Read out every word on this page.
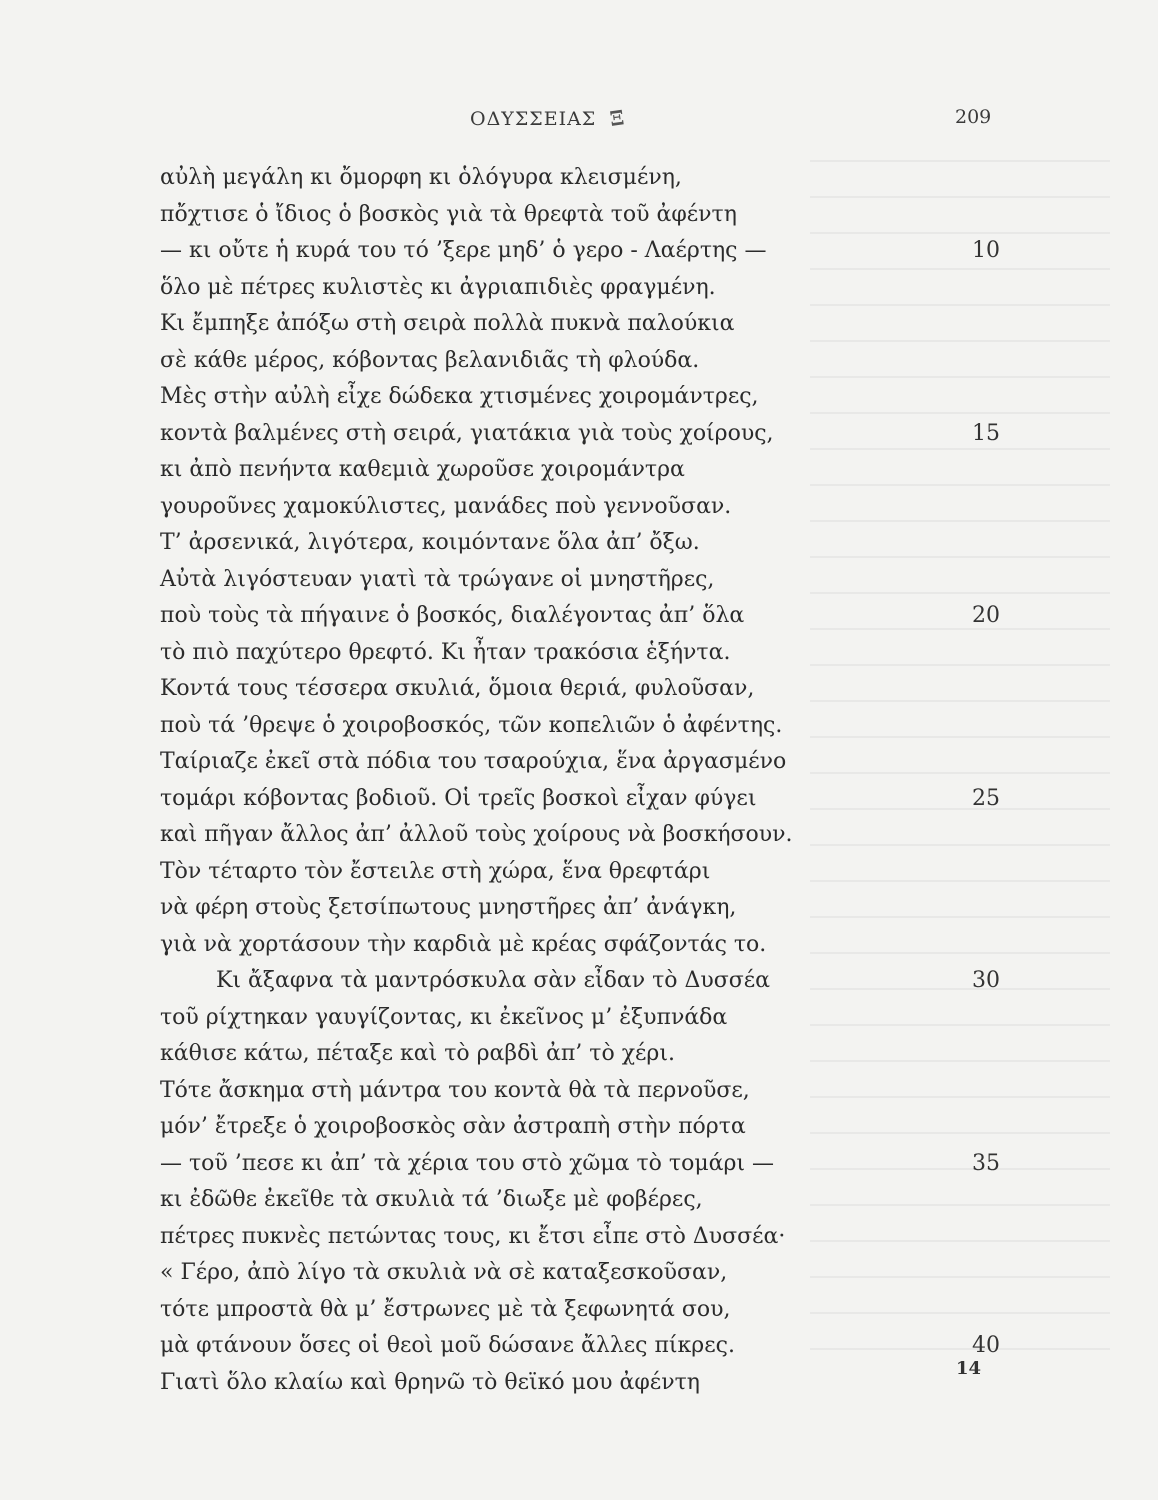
ΟΔΥΣΣΕΙΑΣ Ξ	209
αὐλὴ μεγάλη κι ὄμορφη κι ὁλόγυρα κλεισμένη,
πὄχτισε ὁ ἴδιος ὁ βοσκὸς γιὰ τὰ θρεφτὰ τοῦ ἀφέντη
— κι οὔτε ἡ κυρά του τό ’ξερε μηδ’ ὁ γερο - Λαέρτης —	10
ὅλο μὲ πέτρες κυλιστὲς κι ἀγριαπιδιὲς φραγμένη.
Κι ἔμπηξε ἀπόξω στὴ σειρὰ πολλὰ πυκνὰ παλούκια
σὲ κάθε μέρος, κόβοντας βελανιδιᾶς τὴ φλούδα.
Μὲς στὴν αὐλὴ εἶχε δώδεκα χτισμένες χοιρομάντρες,
κοντὰ βαλμένες στὴ σειρά, γιατάκια γιὰ τοὺς χοίρους,	15
κι ἀπὸ πενήντα καθεμιὰ χωροῦσε χοιρομάντρα
γουροῦνες χαμοκύλιστες, μανάδες ποὺ γεννοῦσαν.
Τ’ ἀρσενικά, λιγότερα, κοιμόντανε ὅλα ἀπ’ ὄξω.
Αὐτὰ λιγόστευαν γιατὶ τὰ τρώγανε οἱ μνηστῆρες,
ποὺ τοὺς τὰ πήγαινε ὁ βοσκός, διαλέγοντας ἀπ’ ὅλα	20
τὸ πιὸ παχύτερο θρεφτό. Κι ἦταν τρακόσια ἑξήντα.
Κοντά τους τέσσερα σκυλιά, ὅμοια θεριά, φυλοῦσαν,
ποὺ τά ’θρεψε ὁ χοιροβοσκός, τῶν κοπελιῶν ὁ ἀφέντης.
Ταίριαζε ἐκεῖ στὰ πόδια του τσαρούχια, ἕνα ἀργασμένο
τομάρι κόβοντας βοδιοῦ. Οἱ τρεῖς βοσκοὶ εἶχαν φύγει	25
καὶ πῆγαν ἄλλος ἀπ’ ἀλλοῦ τοὺς χοίρους νὰ βοσκήσουν.
Τὸν τέταρτο τὸν ἔστειλε στὴ χώρα, ἕνα θρεφτάρι
νὰ φέρη στοὺς ξετσίπωτους μνηστῆρες ἀπ’ ἀνάγκη,
γιὰ νὰ χορτάσουν τὴν καρδιὰ μὲ κρέας σφάζοντάς το.
Κι ἄξαφνα τὰ μαντρόσκυλα σὰν εἶδαν τὸ Δυσσέα	30
τοῦ ρίχτηκαν γαυγίζοντας, κι ἐκεῖνος μ’ ἐξυπνάδα
κάθισε κάτω, πέταξε καὶ τὸ ραβδὶ ἀπ’ τὸ χέρι.
Τότε ἄσκημα στὴ μάντρα του κοντὰ θὰ τὰ περνοῦσε,
μόν’ ἔτρεξε ὁ χοιροβοσκὸς σὰν ἀστραπὴ στὴν πόρτα
— τοῦ ’πεσε κι ἀπ’ τὰ χέρια του στὸ χῶμα τὸ τομάρι —	35
κι ἐδῶθε ἐκεῖθε τὰ σκυλιὰ τά ’διωξε μὲ φοβέρες,
πέτρες πυκνὲς πετώντας τους, κι ἔτσι εἶπε στὸ Δυσσέα·
« Γέρο, ἀπὸ λίγο τὰ σκυλιὰ νὰ σὲ καταξεσκοῦσαν,
τότε μπροστὰ θὰ μ’ ἔστρωνες μὲ τὰ ξεφωνητά σου,
μὰ φτάνουν ὅσες οἱ θεοὶ μοῦ δώσανε ἄλλες πίκρες.	40
Γιατὶ ὅλο κλαίω καὶ θρηνῶ τὸ θεϊκό μου ἀφέντη
14
